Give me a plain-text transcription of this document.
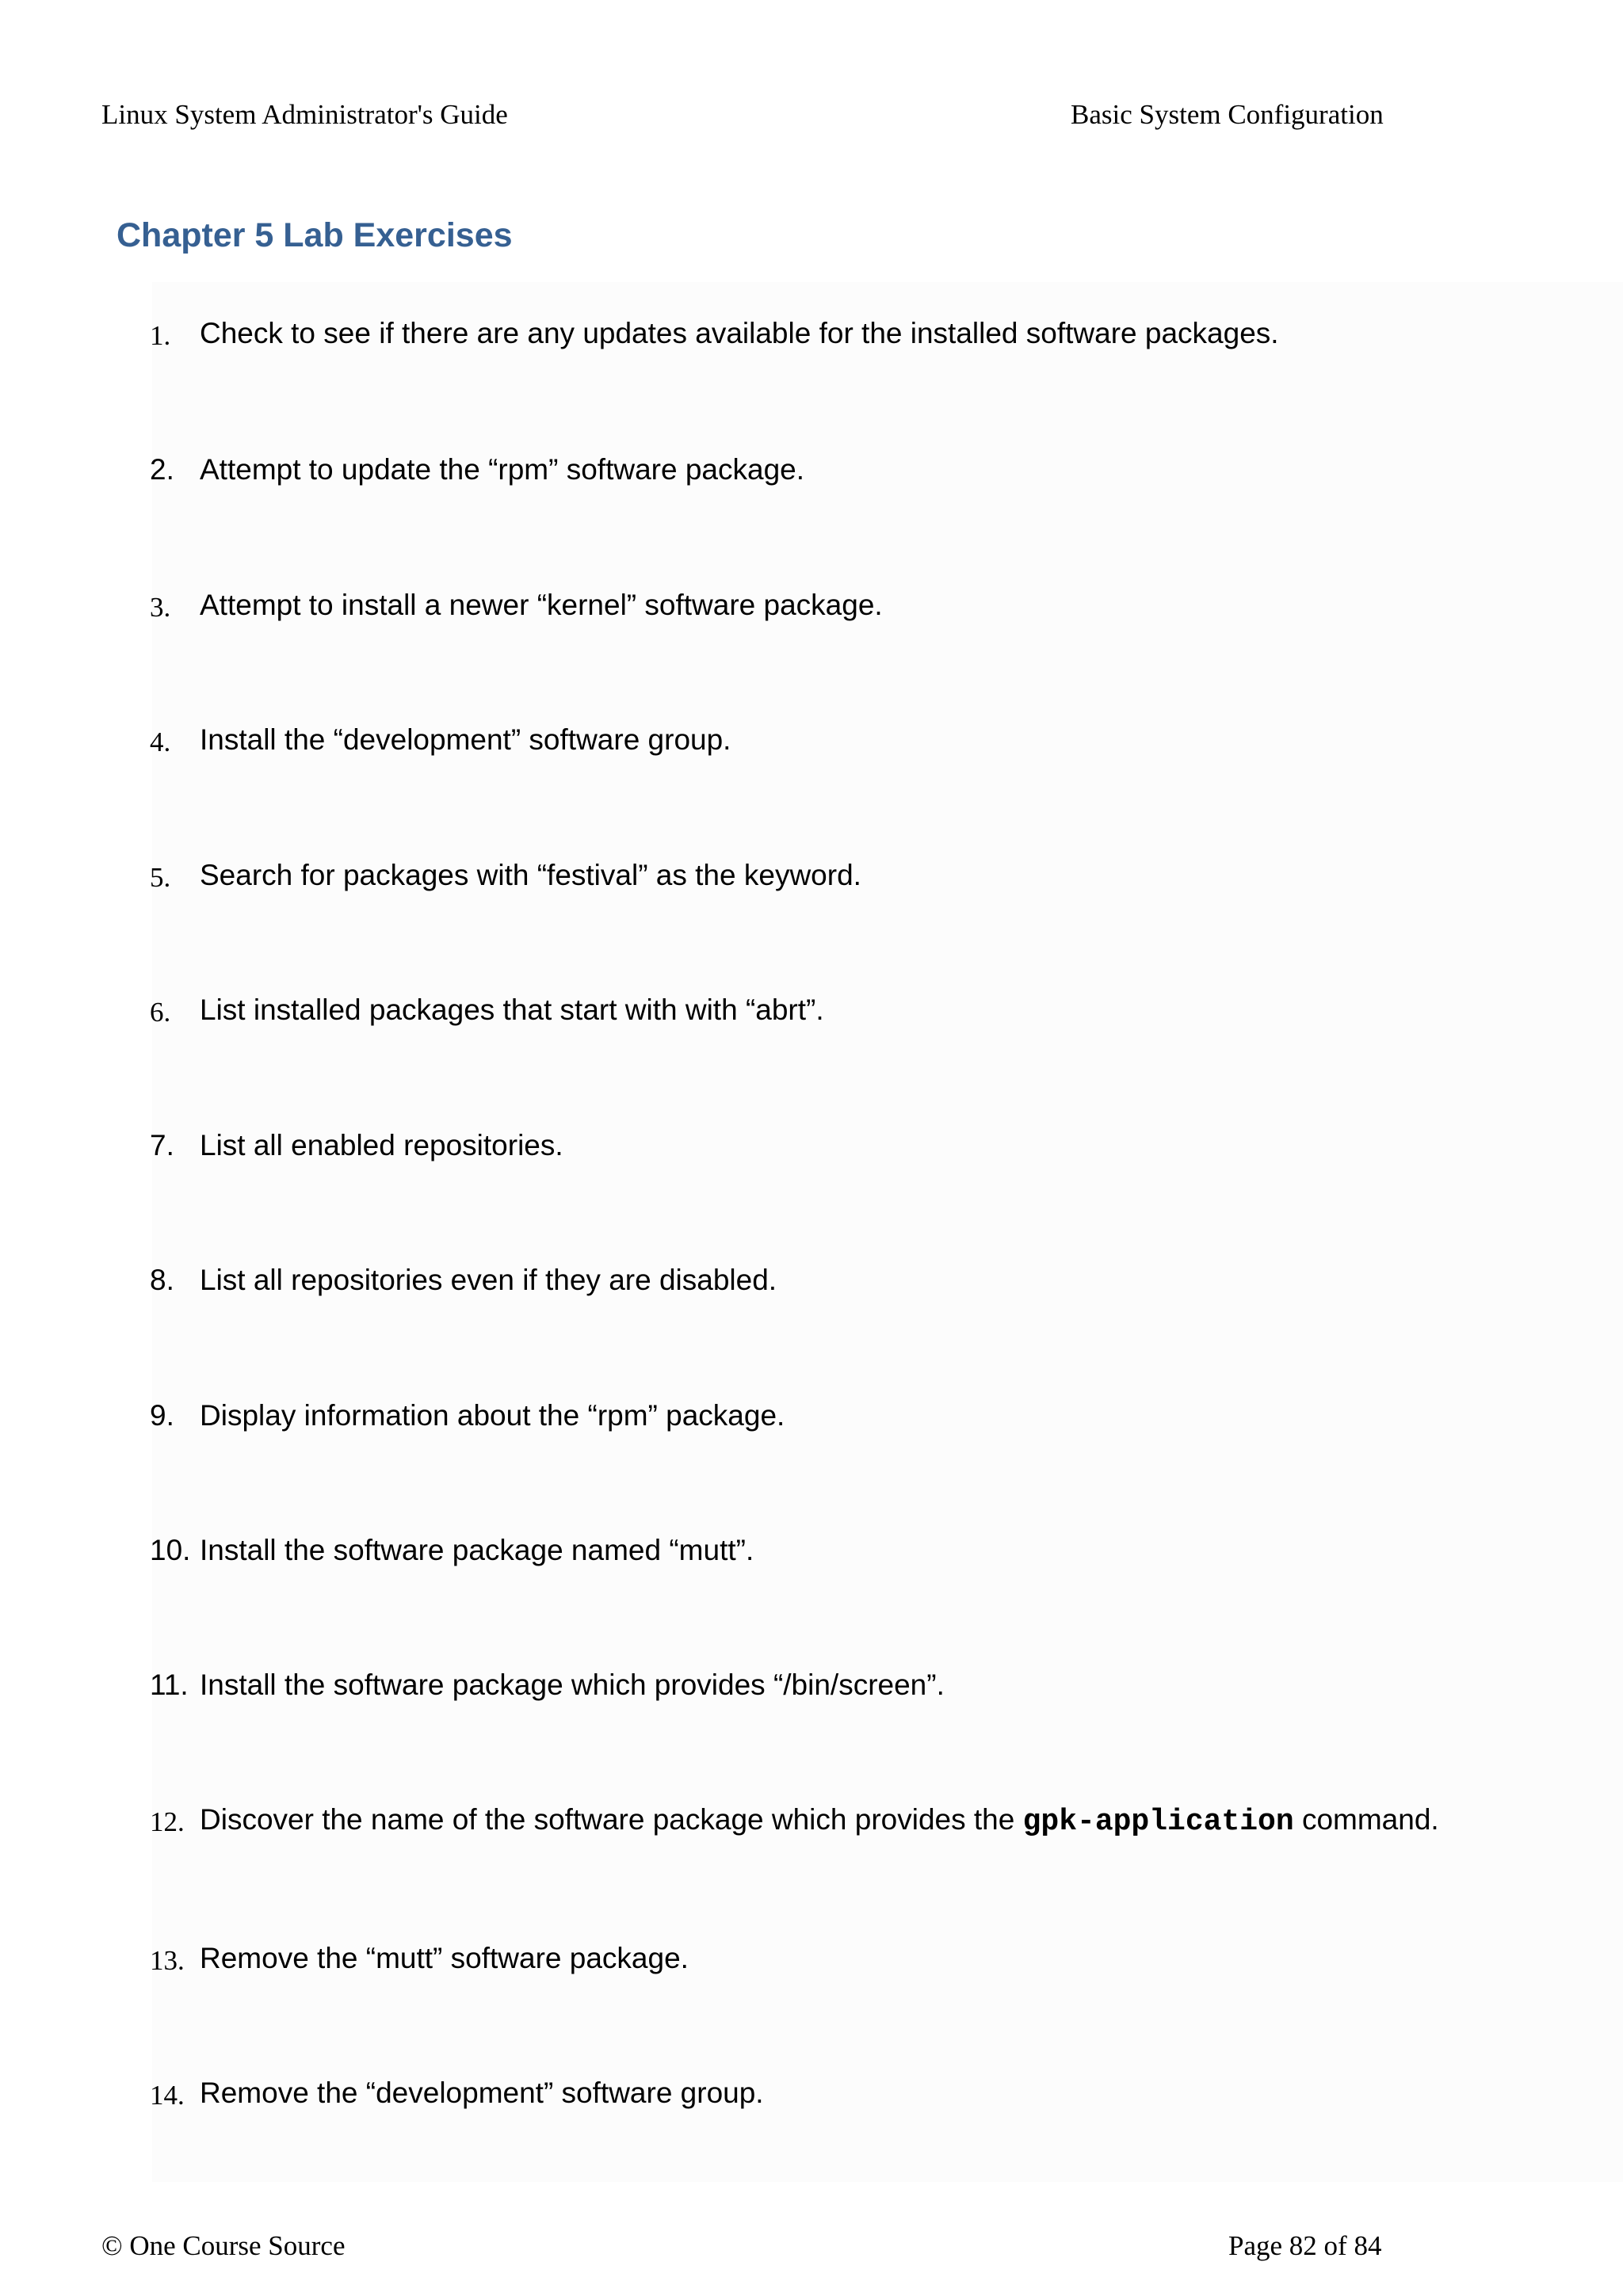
Linux System Administrator's Guide	Basic System Configuration
Chapter 5 Lab Exercises
1. Check to see if there are any updates available for the installed software packages.
2. Attempt to update the “rpm” software package.
3. Attempt to install a newer “kernel” software package.
4. Install the “development” software group.
5. Search for packages with “festival” as the keyword.
6. List installed packages that start with with “abrt”.
7. List all enabled repositories.
8. List all repositories even if they are disabled.
9. Display information about the “rpm” package.
10. Install the software package named “mutt”.
11. Install the software package which provides “/bin/screen”.
12. Discover the name of the software package which provides the gpk-application command.
13. Remove the “mutt” software package.
14. Remove the “development” software group.
© One Course Source	Page 82 of 84
